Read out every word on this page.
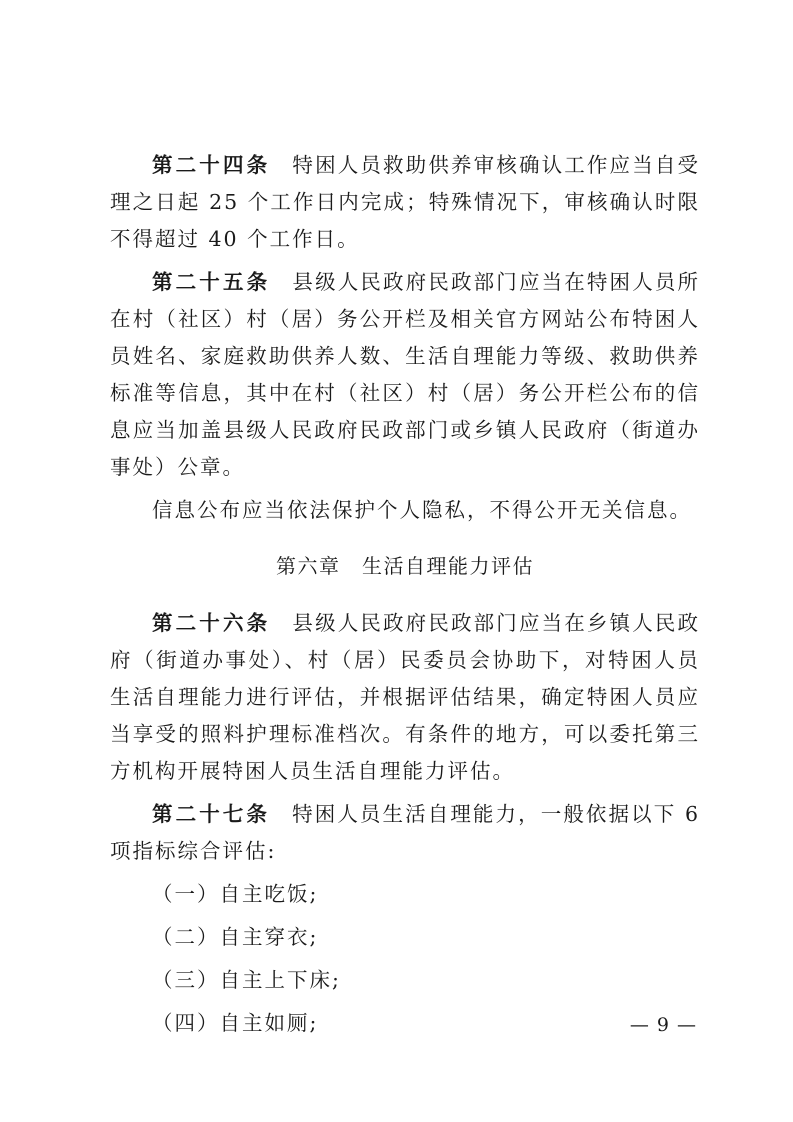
第二十四条 特困人员救助供养审核确认工作应当自受理之日起 25 个工作日内完成；特殊情况下，审核确认时限不得超过 40 个工作日。

第二十五条 县级人民政府民政部门应当在特困人员所在村（社区）村（居）务公开栏及相关官方网站公布特困人员姓名、家庭救助供养人数、生活自理能力等级、救助供养标准等信息，其中在村（社区）村（居）务公开栏公布的信息应当加盖县级人民政府民政部门或乡镇人民政府（街道办事处）公章。

信息公布应当依法保护个人隐私，不得公开无关信息。

第六章　生活自理能力评估

第二十六条 县级人民政府民政部门应当在乡镇人民政府（街道办事处）、村（居）民委员会协助下，对特困人员生活自理能力进行评估，并根据评估结果，确定特困人员应当享受的照料护理标准档次。有条件的地方，可以委托第三方机构开展特困人员生活自理能力评估。

第二十七条 特困人员生活自理能力，一般依据以下 6 项指标综合评估:

（一）自主吃饭;
（二）自主穿衣;
（三）自主上下床;
（四）自主如厕;	— 9 —
